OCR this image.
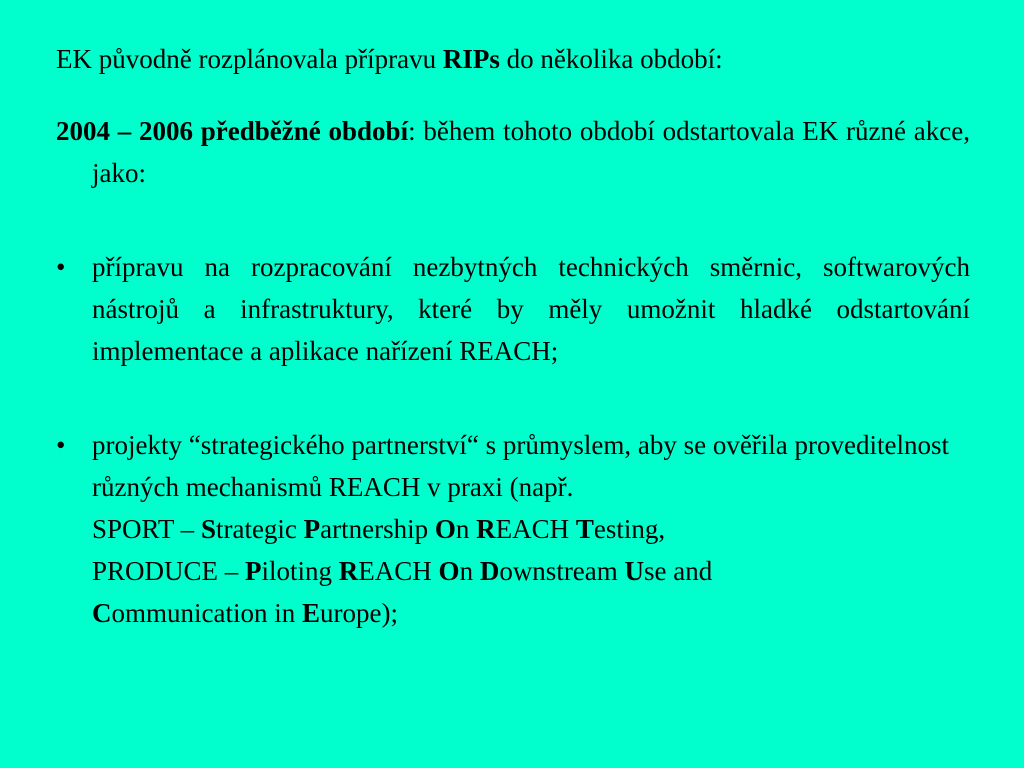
EK původně rozplánovala přípravu RIPs do několika období:

2004 – 2006 předběžné období: během tohoto období odstartovala EK různé akce, jako:

• přípravu na rozpracování nezbytných technických směrnic, softwarových nástrojů a infrastruktury, které by měly umožnit hladké odstartování implementace a aplikace nařízení REACH;
• projekty “strategického partnerství“ s průmyslem, aby se ověřila proveditelnost různých mechanismů REACH v praxi (např.
SPORT – Strategic Partnership On REACH Testing,
PRODUCE – Piloting REACH On Downstream Use and
Communication in Europe);
